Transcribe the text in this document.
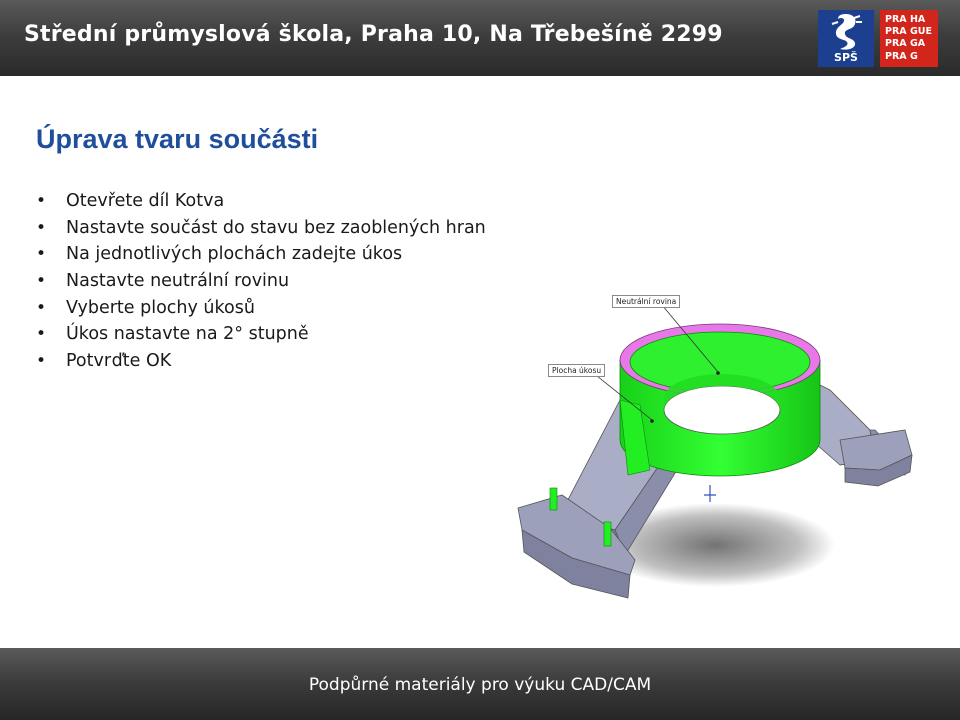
Střední průmyslová škola, Praha 10, Na Třebešíně 2299
SPŠ
PRA HA
PRA GUE
PRA GA
PRA G
Úprava tvaru součásti
• Otevřete díl Kotva
• Nastavte součást do stavu bez zaoblených hran
• Na jednotlivých plochách zadejte úkos
• Nastavte neutrální rovinu
• Vyberte plochy úkosů
• Úkos nastavte na 2° stupně
• Potvrďte OK
Neutrální rovina
Plocha úkosu
Podpůrné materiály pro výuku CAD/CAM
